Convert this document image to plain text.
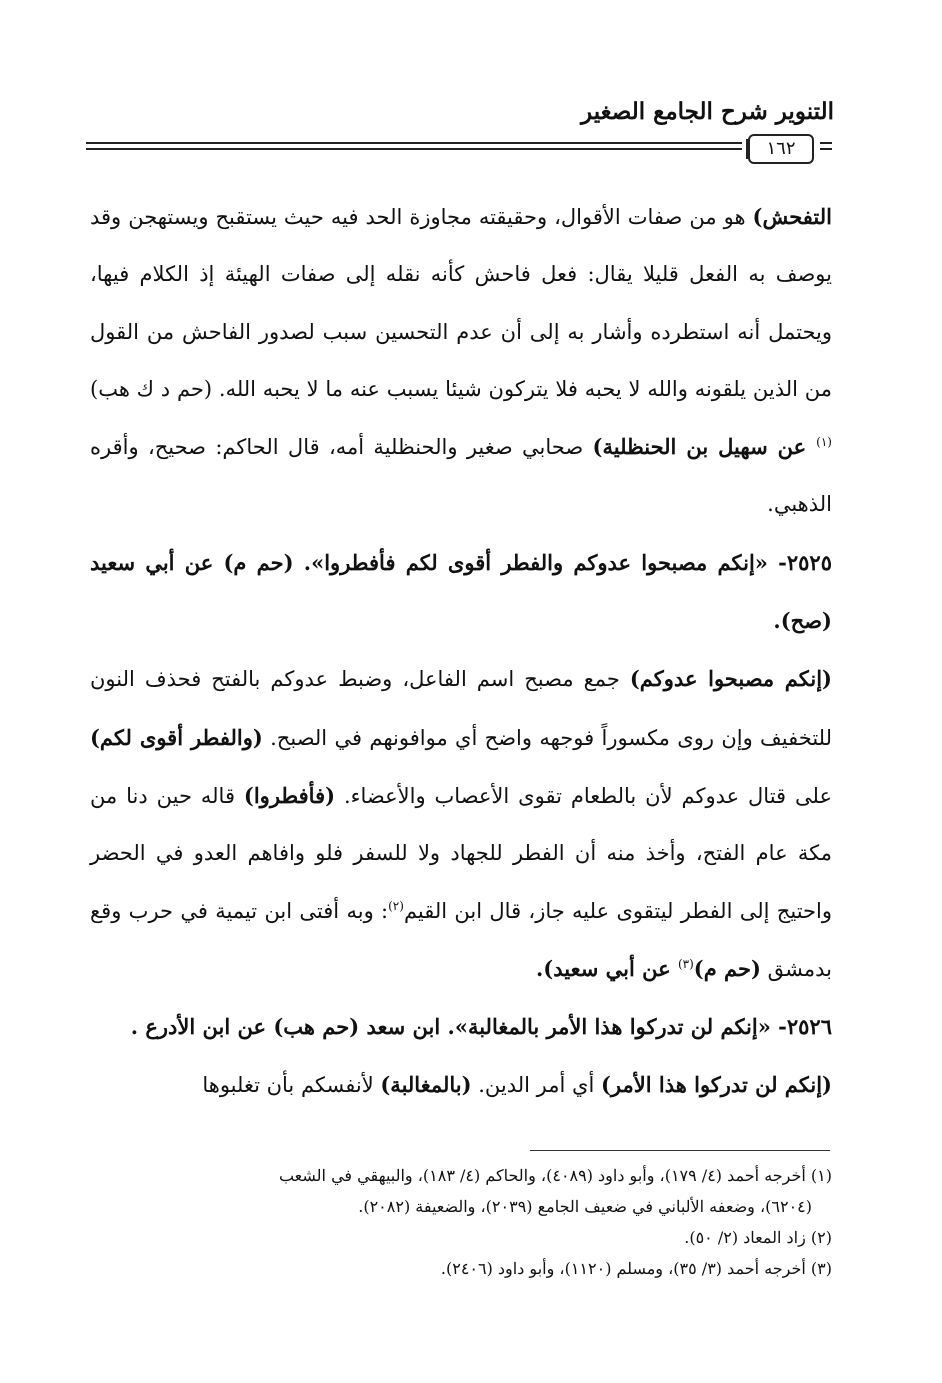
التنوير شرح الجامع الصغير
١٦٢

التفحش) هو من صفات الأقوال، وحقيقته مجاوزة الحد فيه حيث يستقبح ويستهجن وقد يوصف به الفعل قليلا يقال: فعل فاحش كأنه نقله إلى صفات الهيئة إذ الكلام فيها، ويحتمل أنه استطرده وأشار به إلى أن عدم التحسين سبب لصدور الفاحش من القول من الذين يلقونه والله لا يحبه فلا يتركون شيئا يسبب عنه ما لا يحبه الله. (حم د ك هب)$^{(١)}$ عن سهيل بن الحنظلية) صحابي صغير والحنظلية أمه، قال الحاكم: صحيح، وأقره الذهبي.

٢٥٢٥- «إنكم مصبحوا عدوكم والفطر أقوى لكم فأفطروا». (حم م) عن أبي سعيد (صح).

(إنكم مصبحوا عدوكم) جمع مصبح اسم الفاعل، وضبط عدوكم بالفتح فحذف النون للتخفيف وإن روى مكسوراً فوجهه واضح أي موافونهم في الصبح. (والفطر أقوى لكم) على قتال عدوكم لأن بالطعام تقوى الأعصاب والأعضاء. (فأفطروا) قاله حين دنا من مكة عام الفتح، وأخذ منه أن الفطر للجهاد ولا للسفر فلو وافاهم العدو في الحضر واحتيج إلى الفطر ليتقوى عليه جاز، قال ابن القيم$^{(٢)}$: وبه أفتى ابن تيمية في حرب وقع بدمشق (حم م)$^{(٣)}$ عن أبي سعيد).

٢٥٢٦- «إنكم لن تدركوا هذا الأمر بالمغالبة». ابن سعد (حم هب) عن ابن الأدرع .

(إنكم لن تدركوا هذا الأمر) أي أمر الدين. (بالمغالبة) لأنفسكم بأن تغلبوها

(١) أخرجه أحمد (٤/ ١٧٩)، وأبو داود (٤٠٨٩)، والحاكم (٤/ ١٨٣)، والبيهقي في الشعب

(٦٢٠٤)، وضعفه الألباني في ضعيف الجامع (٢٠٣٩)، والضعيفة (٢٠٨٢).

(٢) زاد المعاد (٢/ ٥٠).

(٣) أخرجه أحمد (٣/ ٣٥)، ومسلم (١١٢٠)، وأبو داود (٢٤٠٦).
